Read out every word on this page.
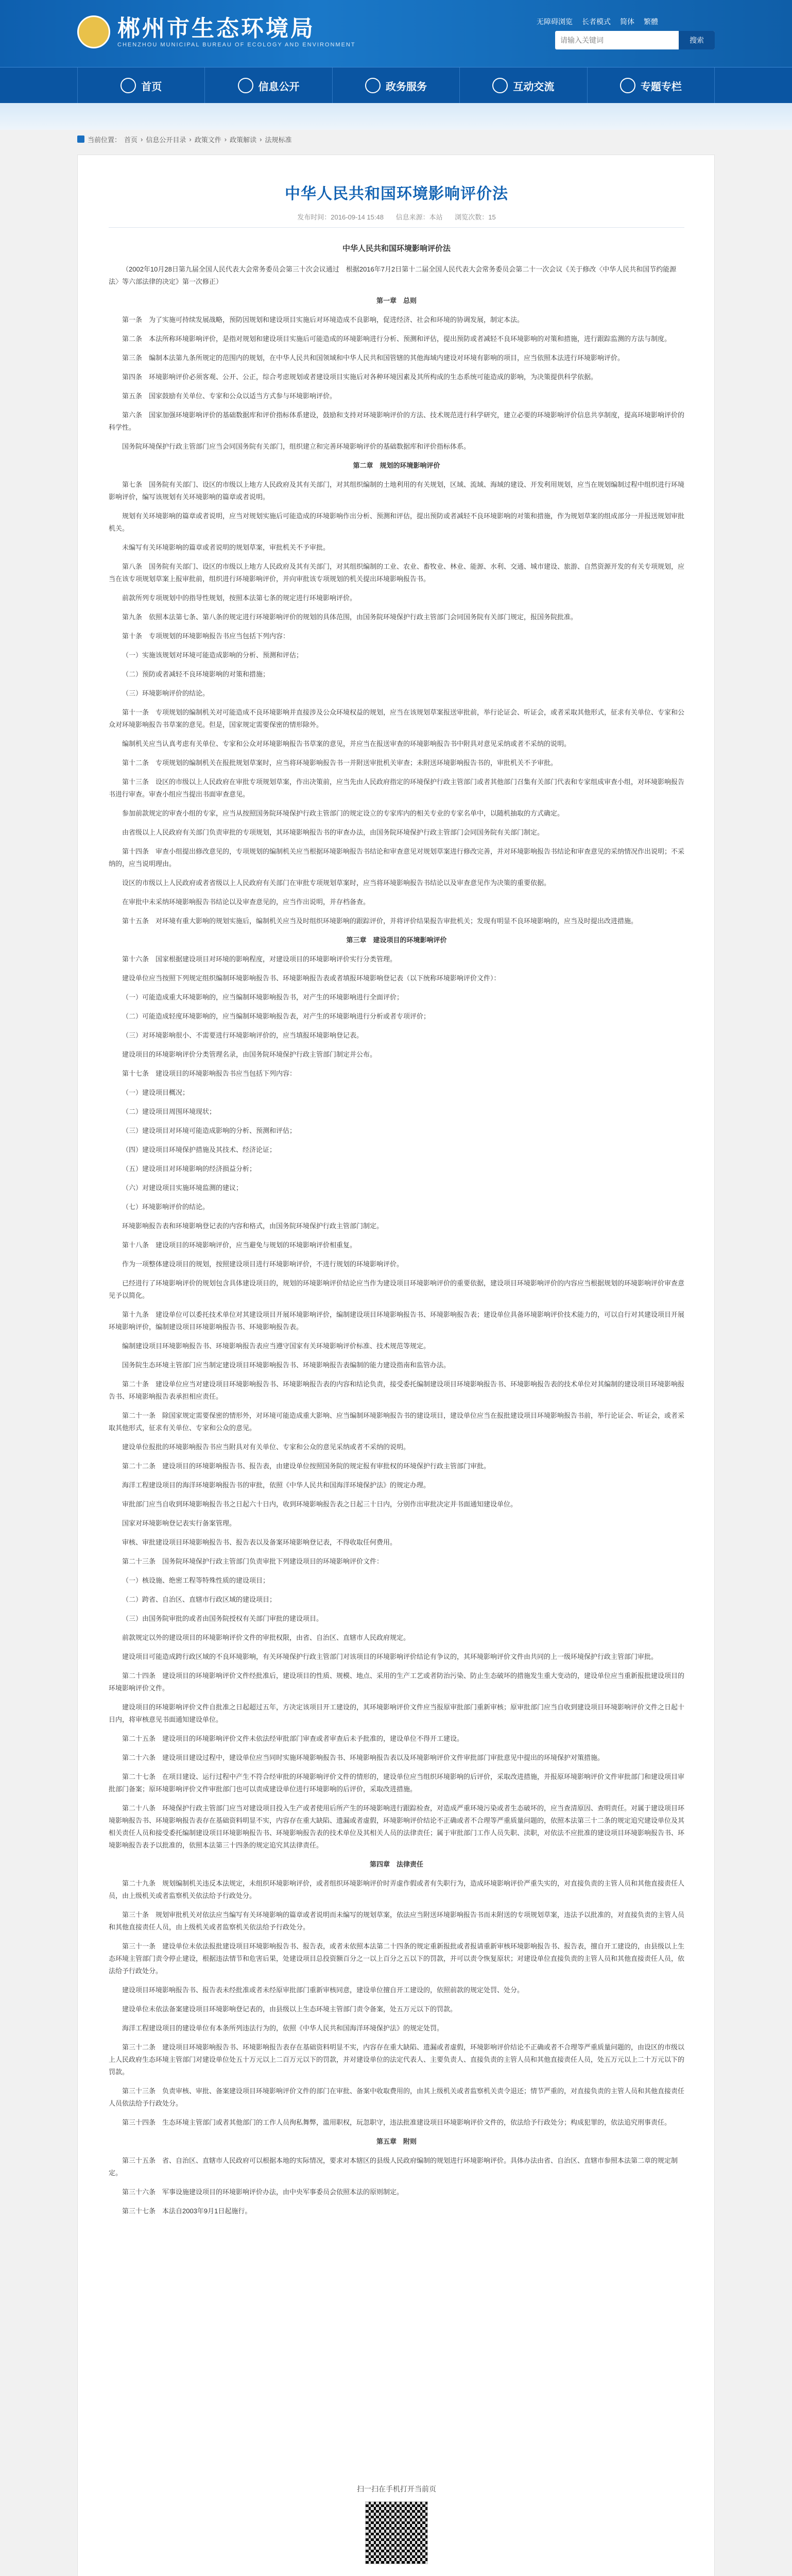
郴州市生态环境局
CHENZHOU MUNICIPAL BUREAU OF ECOLOGY AND ENVIRONMENT
无障碍浏览 长者模式 简体 繁體
请输入关键词
搜索
首页	信息公开	政务服务	互动交流	专题专栏
当前位置： 首页 › 信息公开目录 › 政策文件 › 政策解读 › 法规标准
中华人民共和国环境影响评价法
发布时间：2016-09-14 15:48 信息来源：本站 浏览次数：15

中华人民共和国环境影响评价法

（2002年10月28日第九届全国人民代表大会常务委员会第三十次会议通过　根据2016年7月2日第十二届全国人民代表大会常务委员会第二十一次会议《关于修改〈中华人民共和国节约能源法〉等六部法律的决定》第一次修正）

第一章　总则

第一条　为了实施可持续发展战略，预防因规划和建设项目实施后对环境造成不良影响，促进经济、社会和环境的协调发展，制定本法。

第二条　本法所称环境影响评价，是指对规划和建设项目实施后可能造成的环境影响进行分析、预测和评估，提出预防或者减轻不良环境影响的对策和措施，进行跟踪监测的方法与制度。

第三条　编制本法第九条所规定的范围内的规划，在中华人民共和国领域和中华人民共和国管辖的其他海域内建设对环境有影响的项目，应当依照本法进行环境影响评价。

第四条　环境影响评价必须客观、公开、公正，综合考虑规划或者建设项目实施后对各种环境因素及其所构成的生态系统可能造成的影响，为决策提供科学依据。

第五条　国家鼓励有关单位、专家和公众以适当方式参与环境影响评价。

第六条　国家加强环境影响评价的基础数据库和评价指标体系建设，鼓励和支持对环境影响评价的方法、技术规范进行科学研究，建立必要的环境影响评价信息共享制度，提高环境影响评价的科学性。

国务院环境保护行政主管部门应当会同国务院有关部门，组织建立和完善环境影响评价的基础数据库和评价指标体系。

第二章　规划的环境影响评价

第七条　国务院有关部门、设区的市级以上地方人民政府及其有关部门，对其组织编制的土地利用的有关规划，区域、流域、海域的建设、开发利用规划，应当在规划编制过程中组织进行环境影响评价，编写该规划有关环境影响的篇章或者说明。

规划有关环境影响的篇章或者说明，应当对规划实施后可能造成的环境影响作出分析、预测和评估，提出预防或者减轻不良环境影响的对策和措施，作为规划草案的组成部分一并报送规划审批机关。

未编写有关环境影响的篇章或者说明的规划草案，审批机关不予审批。

第八条　国务院有关部门、设区的市级以上地方人民政府及其有关部门，对其组织编制的工业、农业、畜牧业、林业、能源、水利、交通、城市建设、旅游、自然资源开发的有关专项规划，应当在该专项规划草案上报审批前，组织进行环境影响评价，并向审批该专项规划的机关提出环境影响报告书。

前款所列专项规划中的指导性规划，按照本法第七条的规定进行环境影响评价。

第九条　依照本法第七条、第八条的规定进行环境影响评价的规划的具体范围，由国务院环境保护行政主管部门会同国务院有关部门规定，报国务院批准。

第十条　专项规划的环境影响报告书应当包括下列内容：

（一）实施该规划对环境可能造成影响的分析、预测和评估；

（二）预防或者减轻不良环境影响的对策和措施；

（三）环境影响评价的结论。

第十一条　专项规划的编制机关对可能造成不良环境影响并直接涉及公众环境权益的规划，应当在该规划草案报送审批前，举行论证会、听证会，或者采取其他形式，征求有关单位、专家和公众对环境影响报告书草案的意见。但是，国家规定需要保密的情形除外。

编制机关应当认真考虑有关单位、专家和公众对环境影响报告书草案的意见，并应当在报送审查的环境影响报告书中附具对意见采纳或者不采纳的说明。

第十二条　专项规划的编制机关在报批规划草案时，应当将环境影响报告书一并附送审批机关审查；未附送环境影响报告书的，审批机关不予审批。

第十三条　设区的市级以上人民政府在审批专项规划草案，作出决策前，应当先由人民政府指定的环境保护行政主管部门或者其他部门召集有关部门代表和专家组成审查小组，对环境影响报告书进行审查。审查小组应当提出书面审查意见。

参加前款规定的审查小组的专家，应当从按照国务院环境保护行政主管部门的规定设立的专家库内的相关专业的专家名单中，以随机抽取的方式确定。

由省级以上人民政府有关部门负责审批的专项规划，其环境影响报告书的审查办法，由国务院环境保护行政主管部门会同国务院有关部门制定。

第十四条　审查小组提出修改意见的，专项规划的编制机关应当根据环境影响报告书结论和审查意见对规划草案进行修改完善，并对环境影响报告书结论和审查意见的采纳情况作出说明；不采纳的，应当说明理由。

设区的市级以上人民政府或者省级以上人民政府有关部门在审批专项规划草案时，应当将环境影响报告书结论以及审查意见作为决策的重要依据。

在审批中未采纳环境影响报告书结论以及审查意见的，应当作出说明，并存档备查。

第十五条　对环境有重大影响的规划实施后，编制机关应当及时组织环境影响的跟踪评价，并将评价结果报告审批机关；发现有明显不良环境影响的，应当及时提出改进措施。

第三章　建设项目的环境影响评价

第十六条　国家根据建设项目对环境的影响程度，对建设项目的环境影响评价实行分类管理。

建设单位应当按照下列规定组织编制环境影响报告书、环境影响报告表或者填报环境影响登记表（以下统称环境影响评价文件）：

（一）可能造成重大环境影响的，应当编制环境影响报告书，对产生的环境影响进行全面评价；

（二）可能造成轻度环境影响的，应当编制环境影响报告表，对产生的环境影响进行分析或者专项评价；

（三）对环境影响很小、不需要进行环境影响评价的，应当填报环境影响登记表。

建设项目的环境影响评价分类管理名录，由国务院环境保护行政主管部门制定并公布。

第十七条　建设项目的环境影响报告书应当包括下列内容：

（一）建设项目概况；

（二）建设项目周围环境现状；

（三）建设项目对环境可能造成影响的分析、预测和评估；

（四）建设项目环境保护措施及其技术、经济论证；

（五）建设项目对环境影响的经济损益分析；

（六）对建设项目实施环境监测的建议；

（七）环境影响评价的结论。

环境影响报告表和环境影响登记表的内容和格式，由国务院环境保护行政主管部门制定。

第十八条　建设项目的环境影响评价，应当避免与规划的环境影响评价相重复。

作为一项整体建设项目的规划，按照建设项目进行环境影响评价，不进行规划的环境影响评价。

已经进行了环境影响评价的规划包含具体建设项目的，规划的环境影响评价结论应当作为建设项目环境影响评价的重要依据，建设项目环境影响评价的内容应当根据规划的环境影响评价审查意见予以简化。

第十九条　建设单位可以委托技术单位对其建设项目开展环境影响评价，编制建设项目环境影响报告书、环境影响报告表；建设单位具备环境影响评价技术能力的，可以自行对其建设项目开展环境影响评价，编制建设项目环境影响报告书、环境影响报告表。

编制建设项目环境影响报告书、环境影响报告表应当遵守国家有关环境影响评价标准、技术规范等规定。

国务院生态环境主管部门应当制定建设项目环境影响报告书、环境影响报告表编制的能力建设指南和监管办法。

第二十条　建设单位应当对建设项目环境影响报告书、环境影响报告表的内容和结论负责，接受委托编制建设项目环境影响报告书、环境影响报告表的技术单位对其编制的建设项目环境影响报告书、环境影响报告表承担相应责任。

第二十一条　除国家规定需要保密的情形外，对环境可能造成重大影响、应当编制环境影响报告书的建设项目，建设单位应当在报批建设项目环境影响报告书前，举行论证会、听证会，或者采取其他形式，征求有关单位、专家和公众的意见。

建设单位报批的环境影响报告书应当附具对有关单位、专家和公众的意见采纳或者不采纳的说明。

第二十二条　建设项目的环境影响报告书、报告表，由建设单位按照国务院的规定报有审批权的环境保护行政主管部门审批。

海洋工程建设项目的海洋环境影响报告书的审批，依照《中华人民共和国海洋环境保护法》的规定办理。

审批部门应当自收到环境影响报告书之日起六十日内，收到环境影响报告表之日起三十日内，分别作出审批决定并书面通知建设单位。

国家对环境影响登记表实行备案管理。

审核、审批建设项目环境影响报告书、报告表以及备案环境影响登记表，不得收取任何费用。

第二十三条　国务院环境保护行政主管部门负责审批下列建设项目的环境影响评价文件：

（一）核设施、绝密工程等特殊性质的建设项目；

（二）跨省、自治区、直辖市行政区域的建设项目；

（三）由国务院审批的或者由国务院授权有关部门审批的建设项目。

前款规定以外的建设项目的环境影响评价文件的审批权限，由省、自治区、直辖市人民政府规定。

建设项目可能造成跨行政区域的不良环境影响，有关环境保护行政主管部门对该项目的环境影响评价结论有争议的，其环境影响评价文件由共同的上一级环境保护行政主管部门审批。

第二十四条　建设项目的环境影响评价文件经批准后，建设项目的性质、规模、地点、采用的生产工艺或者防治污染、防止生态破坏的措施发生重大变动的，建设单位应当重新报批建设项目的环境影响评价文件。

建设项目的环境影响评价文件自批准之日起超过五年，方决定该项目开工建设的，其环境影响评价文件应当报原审批部门重新审核；原审批部门应当自收到建设项目环境影响评价文件之日起十日内，将审核意见书面通知建设单位。

第二十五条　建设项目的环境影响评价文件未依法经审批部门审查或者审查后未予批准的，建设单位不得开工建设。

第二十六条　建设项目建设过程中，建设单位应当同时实施环境影响报告书、环境影响报告表以及环境影响评价文件审批部门审批意见中提出的环境保护对策措施。

第二十七条　在项目建设、运行过程中产生不符合经审批的环境影响评价文件的情形的，建设单位应当组织环境影响的后评价，采取改进措施，并报原环境影响评价文件审批部门和建设项目审批部门备案；原环境影响评价文件审批部门也可以责成建设单位进行环境影响的后评价，采取改进措施。

第二十八条　环境保护行政主管部门应当对建设项目投入生产或者使用后所产生的环境影响进行跟踪检查，对造成严重环境污染或者生态破坏的，应当查清原因、查明责任。对属于建设项目环境影响报告书、环境影响报告表存在基础资料明显不实，内容存在重大缺陷、遗漏或者虚假，环境影响评价结论不正确或者不合理等严重质量问题的，依照本法第三十二条的规定追究建设单位及其相关责任人员和接受委托编制建设项目环境影响报告书、环境影响报告表的技术单位及其相关人员的法律责任；属于审批部门工作人员失职、渎职，对依法不应批准的建设项目环境影响报告书、环境影响报告表予以批准的，依照本法第三十四条的规定追究其法律责任。

第四章　法律责任

第二十九条　规划编制机关违反本法规定，未组织环境影响评价，或者组织环境影响评价时弄虚作假或者有失职行为，造成环境影响评价严重失实的，对直接负责的主管人员和其他直接责任人员，由上级机关或者监察机关依法给予行政处分。

第三十条　规划审批机关对依法应当编写有关环境影响的篇章或者说明而未编写的规划草案，依法应当附送环境影响报告书而未附送的专项规划草案，违法予以批准的，对直接负责的主管人员和其他直接责任人员，由上级机关或者监察机关依法给予行政处分。

第三十一条　建设单位未依法报批建设项目环境影响报告书、报告表，或者未依照本法第二十四条的规定重新报批或者报请重新审核环境影响报告书、报告表，擅自开工建设的，由县级以上生态环境主管部门责令停止建设，根据违法情节和危害后果，处建设项目总投资额百分之一以上百分之五以下的罚款，并可以责令恢复原状；对建设单位直接负责的主管人员和其他直接责任人员，依法给予行政处分。

建设项目环境影响报告书、报告表未经批准或者未经原审批部门重新审核同意，建设单位擅自开工建设的，依照前款的规定处罚、处分。

建设单位未依法备案建设项目环境影响登记表的，由县级以上生态环境主管部门责令备案，处五万元以下的罚款。

海洋工程建设项目的建设单位有本条所列违法行为的，依照《中华人民共和国海洋环境保护法》的规定处罚。

第三十二条　建设项目环境影响报告书、环境影响报告表存在基础资料明显不实，内容存在重大缺陷、遗漏或者虚假，环境影响评价结论不正确或者不合理等严重质量问题的，由设区的市级以上人民政府生态环境主管部门对建设单位处五十万元以上二百万元以下的罚款，并对建设单位的法定代表人、主要负责人、直接负责的主管人员和其他直接责任人员，处五万元以上二十万元以下的罚款。

第三十三条　负责审核、审批、备案建设项目环境影响评价文件的部门在审批、备案中收取费用的，由其上级机关或者监察机关责令退还；情节严重的，对直接负责的主管人员和其他直接责任人员依法给予行政处分。

第三十四条　生态环境主管部门或者其他部门的工作人员徇私舞弊，滥用职权，玩忽职守，违法批准建设项目环境影响评价文件的，依法给予行政处分；构成犯罪的，依法追究刑事责任。

第五章　附则

第三十五条　省、自治区、直辖市人民政府可以根据本地的实际情况，要求对本辖区的县级人民政府编制的规划进行环境影响评价。具体办法由省、自治区、直辖市参照本法第二章的规定制定。

第三十六条　军事设施建设项目的环境影响评价办法，由中央军事委员会依照本法的原则制定。

第三十七条　本法自2003年9月1日起施行。

扫一扫在手机打开当前页
